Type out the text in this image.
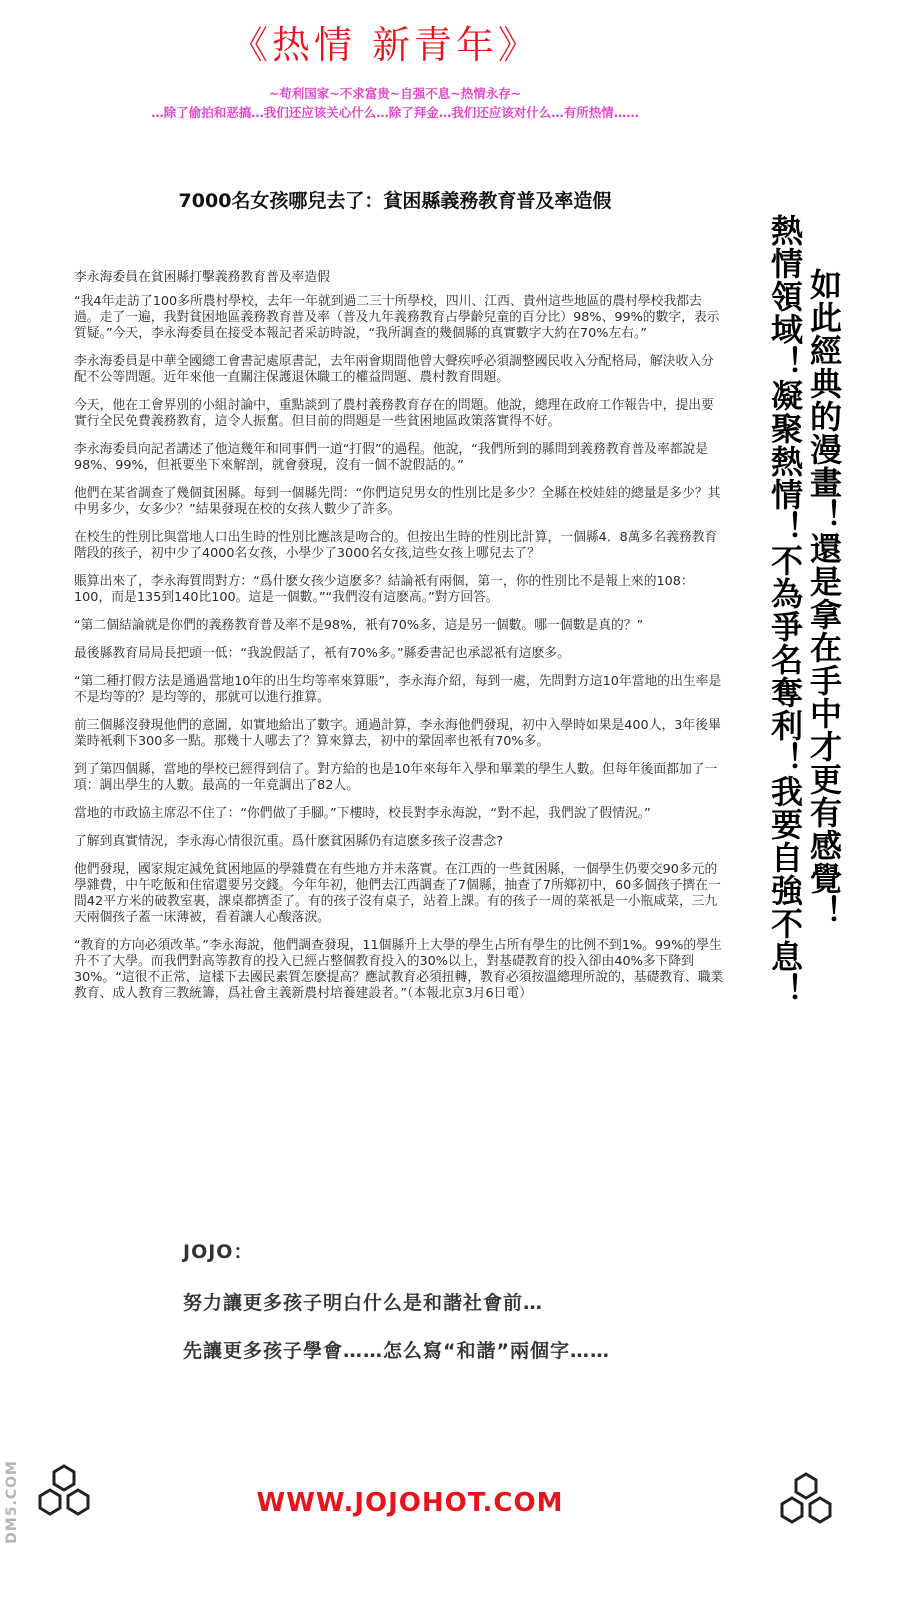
《热情 新青年》
~苟利国家~不求富贵~自强不息~热情永存~
…除了偷拍和恶搞…我们还应该关心什么…除了拜金…我们还应该对什么…有所热情……
7000名女孩哪兒去了：貧困縣義務教育普及率造假

李永海委員在貧困縣打擊義務教育普及率造假

“我4年走訪了100多所農村學校，去年一年就到過二三十所學校，四川、江西、貴州這些地區的農村學校我都去過。走了一遍，我對貧困地區義務教育普及率（普及九年義務教育占學齡兒童的百分比）98%、99%的數字，表示質疑。”今天，李永海委員在接受本報記者采訪時說，“我所調查的幾個縣的真實數字大約在70%左右。”

李永海委員是中華全國總工會書記處原書記，去年兩會期間他曾大聲疾呼必須調整國民收入分配格局，解決收入分配不公等問題。近年來他一直關注保護退休職工的權益問題、農村教育問題。

今天，他在工會界別的小組討論中，重點談到了農村義務教育存在的問題。他說，總理在政府工作報告中，提出要實行全民免費義務教育，這令人振奮。但目前的問題是一些貧困地區政策落實得不好。

李永海委員向記者講述了他這幾年和同事們一道“打假”的過程。他說，“我們所到的縣問到義務教育普及率都說是98%、99%，但衹要坐下來解剖，就會發現，沒有一個不說假話的。”

他們在某省調查了幾個貧困縣。每到一個縣先問：“你們這兒男女的性別比是多少？全縣在校娃娃的總量是多少？其中男多少，女多少？”結果發現在校的女孩人數少了許多。

在校生的性別比與當地人口出生時的性別比應該是吻合的。但按出生時的性別比計算，一個縣4．8萬多名義務教育階段的孩子，初中少了4000名女孩，小學少了3000名女孩,這些女孩上哪兒去了？

賬算出來了，李永海質問對方：“爲什麽女孩少這麽多？結論衹有兩個，第一，你的性別比不是報上來的108：100，而是135到140比100。這是一個數。”“我們沒有這麽高。”對方回答。

“第二個結論就是你們的義務教育普及率不是98%，衹有70%多，這是另一個數。哪一個數是真的？”

最後縣教育局局長把頭一低：“我說假話了，衹有70%多。”縣委書記也承認衹有這麽多。

“第二種打假方法是通過當地10年的出生均等率來算賬”，李永海介紹，每到一處，先問對方這10年當地的出生率是不是均等的？是均等的，那就可以進行推算。

前三個縣沒發現他們的意圖，如實地給出了數字。通過計算，李永海他們發現，初中入學時如果是400人，3年後畢業時衹剩下300多一點。那幾十人哪去了？算來算去，初中的鞏固率也衹有70%多。

到了第四個縣，當地的學校已經得到信了。對方給的也是10年來每年入學和畢業的學生人數。但每年後面都加了一項：調出學生的人數。最高的一年竟調出了82人。

當地的市政協主席忍不住了：“你們做了手腳。”下樓時，校長對李永海說，“對不起，我們說了假情況。”

了解到真實情況，李永海心情很沉重。爲什麽貧困縣仍有這麽多孩子沒書念?

他們發現，國家規定減免貧困地區的學雜費在有些地方并未落實。在江西的一些貧困縣，一個學生仍要交90多元的學雜費，中午吃飯和住宿還要另交錢。今年年初，他們去江西調查了7個縣，抽查了7所鄉初中，60多個孩子擠在一間42平方米的破教室裏，課桌都擠歪了。有的孩子沒有桌子，站着上課。有的孩子一周的菜衹是一小瓶咸菜，三九天兩個孩子蓋一床薄被，看着讓人心酸落淚。

“教育的方向必須改革。”李永海說，他們調查發現，11個縣升上大學的學生占所有學生的比例不到1%。99%的學生升不了大學。而我們對高等教育的投入已經占整個教育投入的30%以上，對基礎教育的投入卻由40%多下降到30%。“這很不正常，這樣下去國民素質怎麽提高？應試教育必須扭轉，教育必須按溫總理所說的，基礎教育、職業教育、成人教育三教統籌，爲社會主義新農村培養建設者。”（本報北京3月6日電）

如此經典的漫畫！還是拿在手中才更有感覺！
熱情領域！凝聚熱情！不為爭名奪利！我要自強不息！
JOJO：
努力讓更多孩子明白什么是和諧社會前…
先讓更多孩子學會……怎么寫“和諧”兩個字……
DM5.COM	WWW.JOJOHOT.COM
